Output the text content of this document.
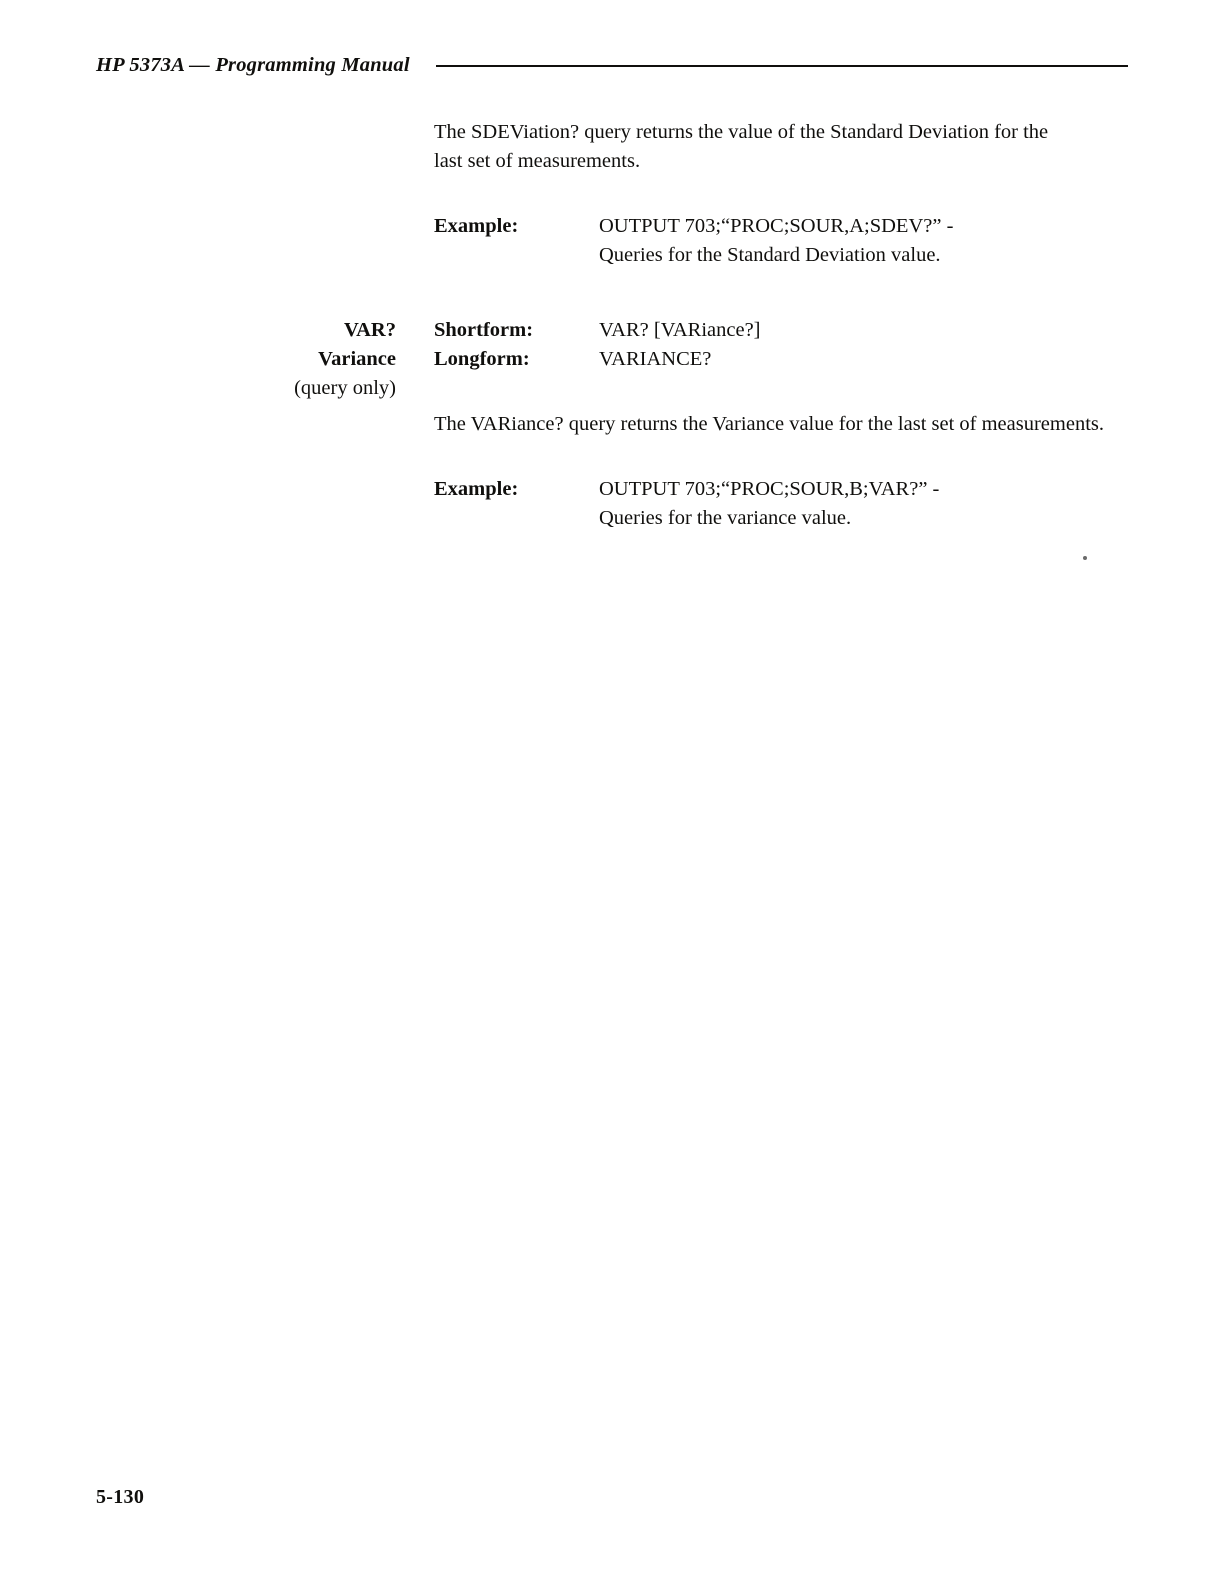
HP 5373A — Programming Manual
The SDEViation? query returns the value of the Standard Deviation for the last set of measurements.
Example:	OUTPUT 703;“PROC;SOUR,A;SDEV?” -
Queries for the Standard Deviation value.
VAR?
Variance
(query only)
Shortform:	VAR? [VARiance?]
Longform:	VARIANCE?
The VARiance? query returns the Variance value for the last set of measurements.
Example:	OUTPUT 703;“PROC;SOUR,B;VAR?” -
Queries for the variance value.
5-130
